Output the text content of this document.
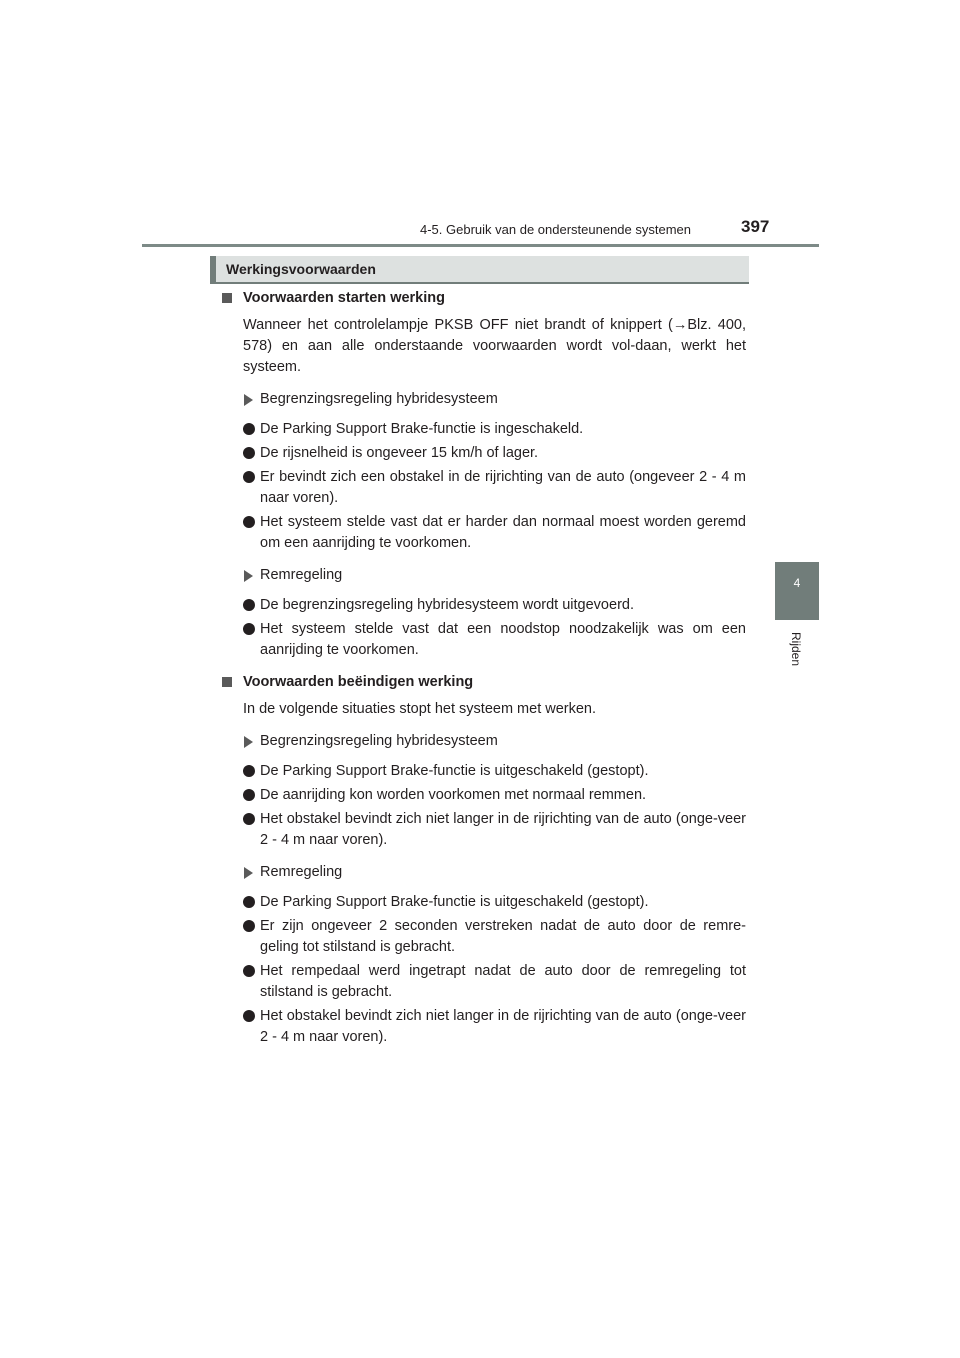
4-5. Gebruik van de ondersteunende systemen	397
4
Rijden
Werkingsvoorwaarden
Voorwaarden starten werking
Wanneer het controlelampje PKSB OFF niet brandt of knippert (→Blz. 400, 578) en aan alle onderstaande voorwaarden wordt vol-daan, werkt het systeem.
Begrenzingsregeling hybridesysteem
De Parking Support Brake-functie is ingeschakeld.
De rijsnelheid is ongeveer 15 km/h of lager.
Er bevindt zich een obstakel in de rijrichting van de auto (ongeveer 2 - 4 m naar voren).
Het systeem stelde vast dat er harder dan normaal moest worden geremd om een aanrijding te voorkomen.
Remregeling
De begrenzingsregeling hybridesysteem wordt uitgevoerd.
Het systeem stelde vast dat een noodstop noodzakelijk was om een aanrijding te voorkomen.
Voorwaarden beëindigen werking
In de volgende situaties stopt het systeem met werken.
Begrenzingsregeling hybridesysteem
De Parking Support Brake-functie is uitgeschakeld (gestopt).
De aanrijding kon worden voorkomen met normaal remmen.
Het obstakel bevindt zich niet langer in de rijrichting van de auto (onge-veer 2 - 4 m naar voren).
Remregeling
De Parking Support Brake-functie is uitgeschakeld (gestopt).
Er zijn ongeveer 2 seconden verstreken nadat de auto door de remre-geling tot stilstand is gebracht.
Het rempedaal werd ingetrapt nadat de auto door de remregeling tot stilstand is gebracht.
Het obstakel bevindt zich niet langer in de rijrichting van de auto (onge-veer 2 - 4 m naar voren).
